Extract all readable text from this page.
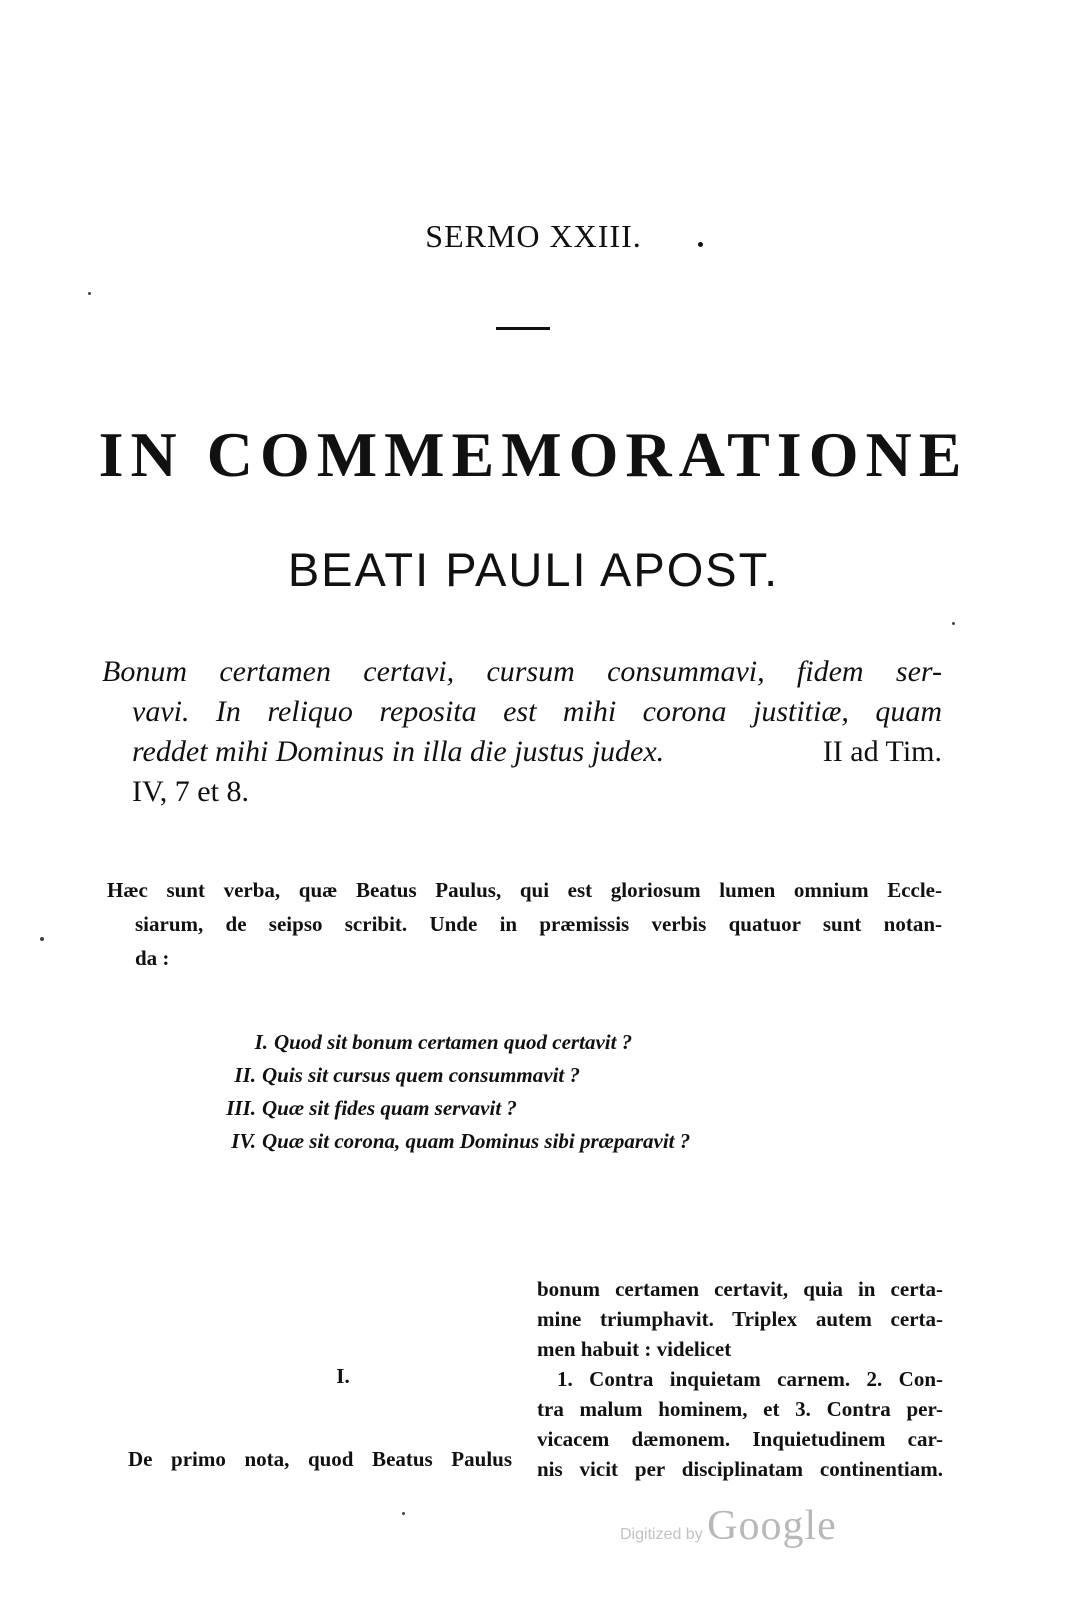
SERMO XXIII.
IN COMMEMORATIONE
BEATI PAULI APOST.
Bonum certamen certavi, cursum consummavi, fidem ser-
vavi. In reliquo reposita est mihi corona justitiæ, quam
reddet mihi Dominus in illa die justus judex.	II ad Tim.
IV, 7 et 8.
Hæc sunt verba, quæ Beatus Paulus, qui est gloriosum lumen omnium Eccle-
siarum, de seipso scribit. Unde in præmissis verbis quatuor sunt notan-
da :
I. Quod sit bonum certamen quod certavit ?
II. Quis sit cursus quem consummavit ?
III. Quæ sit fides quam servavit ?
IV. Quæ sit corona, quam Dominus sibi præparavit ?
I.
De primo nota, quod Beatus Paulus
bonum certamen certavit, quia in certa-
mine triumphavit. Triplex autem certa-
men habuit : videlicet
1. Contra inquietam carnem. 2. Con-
tra malum hominem, et 3. Contra per-
vicacem dæmonem. Inquietudinem car-
nis vicit per disciplinatam continentiam.
Digitized by Google
